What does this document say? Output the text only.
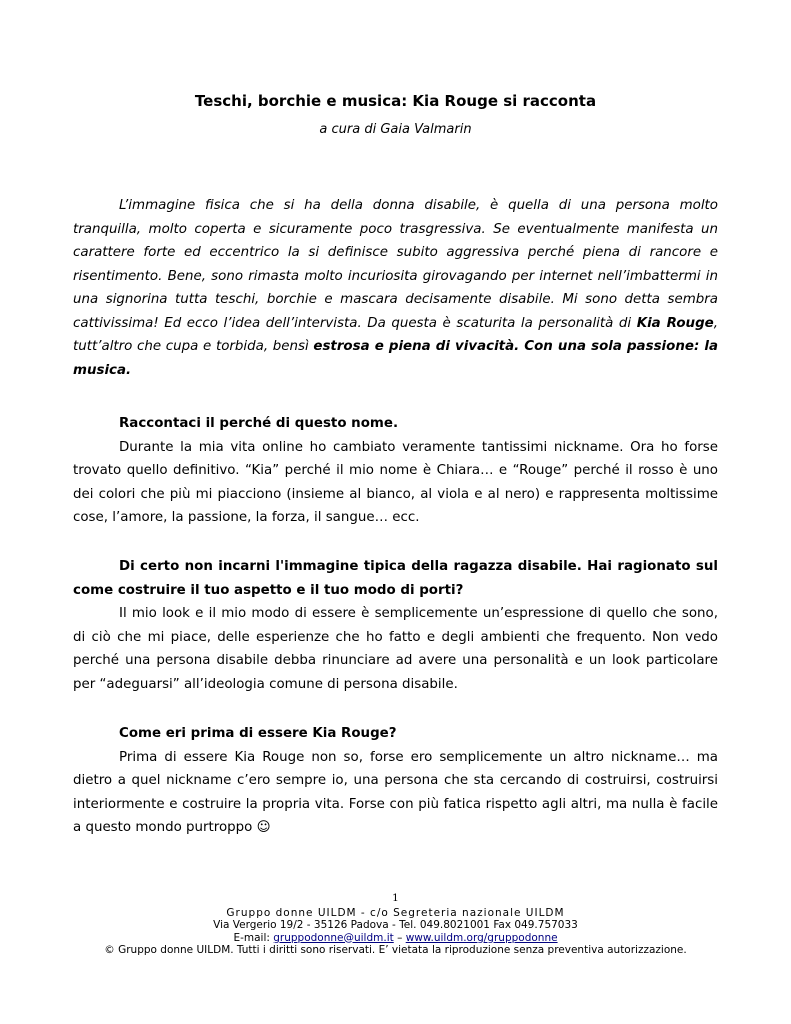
Teschi, borchie e musica: Kia Rouge si racconta
a cura di Gaia Valmarin

L’immagine fisica che si ha della donna disabile, è quella di una persona molto tranquilla, molto coperta e sicuramente poco trasgressiva. Se eventualmente manifesta un carattere forte ed eccentrico la si definisce subito aggressiva perché piena di rancore e risentimento. Bene, sono rimasta molto incuriosita girovagando per internet nell’imbattermi in una signorina tutta teschi, borchie e mascara decisamente disabile. Mi sono detta sembra cattivissima! Ed ecco l’idea dell’intervista. Da questa è scaturita la personalità di Kia Rouge, tutt’altro che cupa e torbida, bensì estrosa e piena di vivacità. Con una sola passione: la musica.

Raccontaci il perché di questo nome.

Durante la mia vita online ho cambiato veramente tantissimi nickname. Ora ho forse trovato quello definitivo. “Kia” perché il mio nome è Chiara… e “Rouge” perché il rosso è uno dei colori che più mi piacciono (insieme al bianco, al viola e al nero) e rappresenta moltissime cose, l’amore, la passione, la forza, il sangue… ecc.

Di certo non incarni l'immagine tipica della ragazza disabile. Hai ragionato sul come costruire il tuo aspetto e il tuo modo di porti?

Il mio look e il mio modo di essere è semplicemente un’espressione di quello che sono, di ciò che mi piace, delle esperienze che ho fatto e degli ambienti che frequento. Non vedo perché una persona disabile debba rinunciare ad avere una personalità e un look particolare per “adeguarsi” all’ideologia comune di persona disabile.

Come eri prima di essere Kia Rouge?

Prima di essere Kia Rouge non so, forse ero semplicemente un altro nickname… ma dietro a quel nickname c’ero sempre io, una persona che sta cercando di costruirsi, costruirsi interiormente e costruire la propria vita. Forse con più fatica rispetto agli altri, ma nulla è facile a questo mondo purtroppo ☺

1
Gruppo donne UILDM - c/o Segreteria nazionale UILDM
Via Vergerio 19/2 - 35126 Padova - Tel. 049.8021001 Fax 049.757033
E-mail: gruppodonne@uildm.it – www.uildm.org/gruppodonne
© Gruppo donne UILDM. Tutti i diritti sono riservati. E’ vietata la riproduzione senza preventiva autorizzazione.
